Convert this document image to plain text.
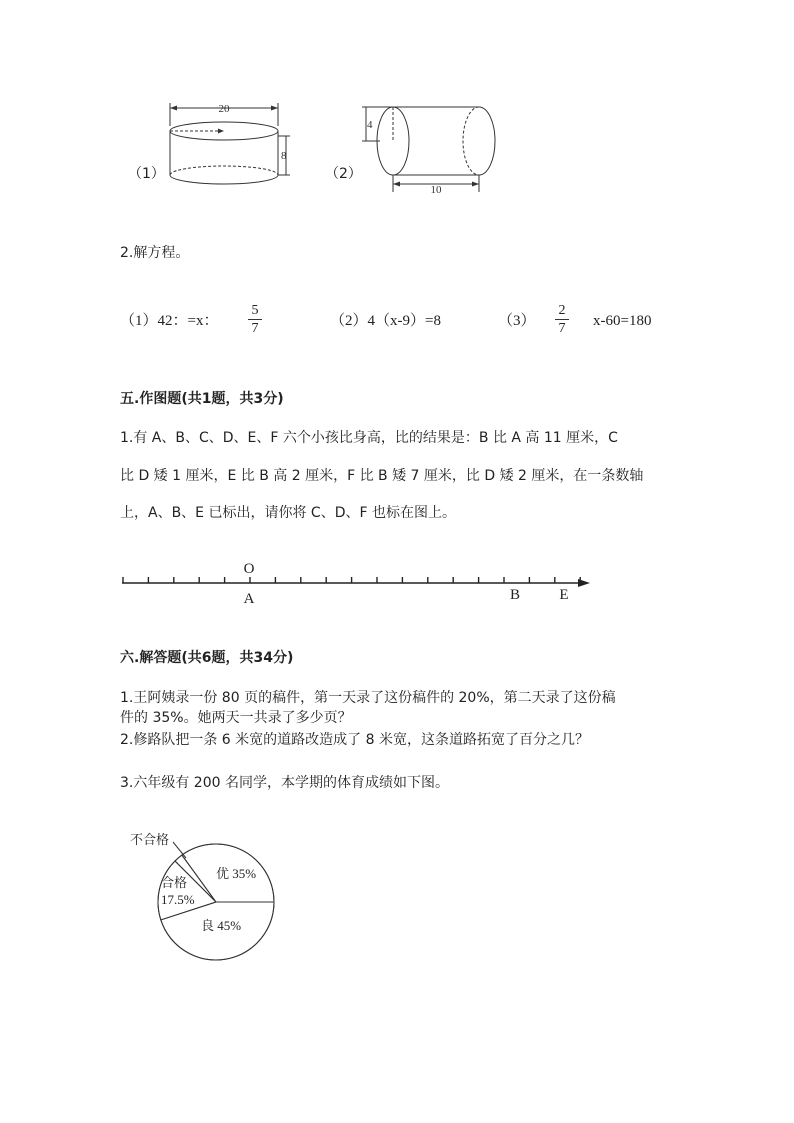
（1）
20
8
（2）
4
10
2.解方程。
（1）42：=x：
5
7	（2）4（x-9）=8	（3）
2
7 x-60=180
五.作图题(共1题，共3分)
1.有 A、B、C、D、E、F 六个小孩比身高，比的结果是：B 比 A 高 11 厘米，C
比 D 矮 1 厘米，E 比 B 高 2 厘米，F 比 B 矮 7 厘米，比 D 矮 2 厘米，在一条数轴
上，A、B、E 已标出，请你将 C、D、F 也标在图上。
O
A	B	E
六.解答题(共6题，共34分)
1.王阿姨录一份 80 页的稿件，第一天录了这份稿件的 20%，第二天录了这份稿
件的 35%。她两天一共录了多少页？
2.修路队把一条 6 米宽的道路改造成了 8 米宽，这条道路拓宽了百分之几？
3.六年级有 200 名同学，本学期的体育成绩如下图。
不合格
优 35%
合格
17.5%
良 45%
